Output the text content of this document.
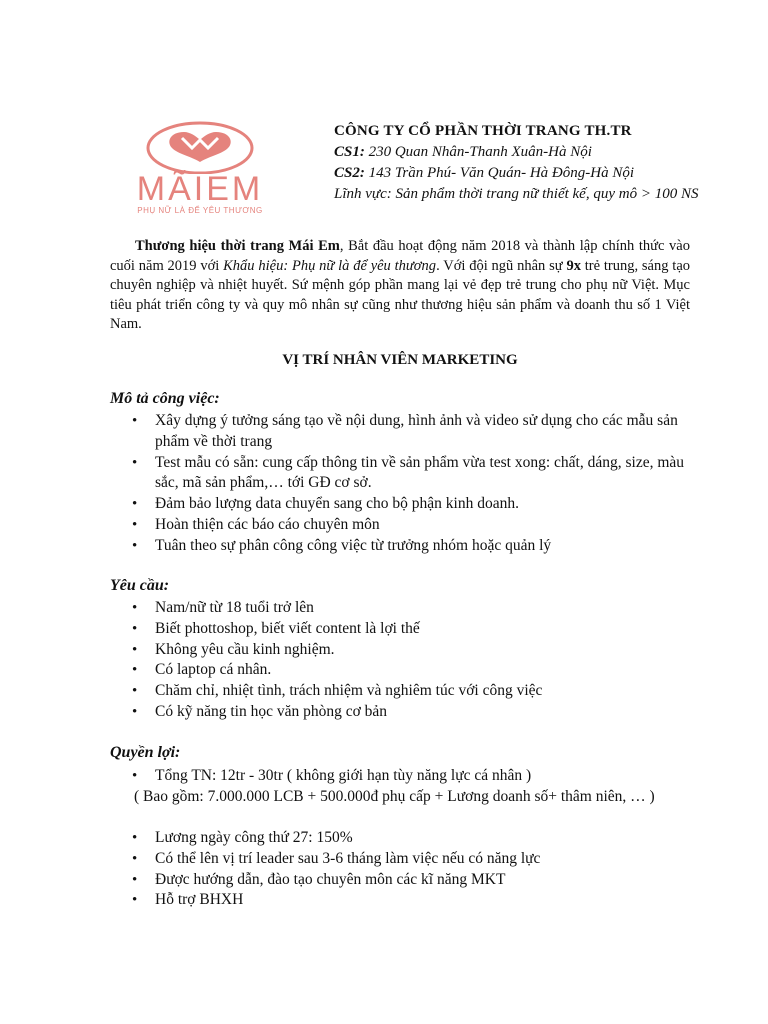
MÃIEM
PHỤ NỮ LÀ ĐỂ YÊU THƯƠNG
CÔNG TY CỔ PHẦN THỜI TRANG TH.TR
CS1: 230 Quan Nhân-Thanh Xuân-Hà Nội
CS2: 143 Trần Phú- Văn Quán- Hà Đông-Hà Nội
Lĩnh vực: Sản phẩm thời trang nữ thiết kế, quy mô > 100 NS
Thương hiệu thời trang Mái Em, Bắt đầu hoạt động năm 2018 và thành lập chính thức vào cuối năm 2019 với Khẩu hiệu: Phụ nữ là để yêu thương. Với đội ngũ nhân sự 9x trẻ trung, sáng tạo chuyên nghiệp và nhiệt huyết. Sứ mệnh góp phần mang lại vẻ đẹp trẻ trung cho phụ nữ Việt. Mục tiêu phát triển công ty và quy mô nhân sự cũng như thương hiệu sản phẩm và doanh thu số 1 Việt Nam.
VỊ TRÍ NHÂN VIÊN MARKETING
Mô tả công việc:
• Xây dựng ý tưởng sáng tạo về nội dung, hình ảnh và video sử dụng cho các mẫu sản phẩm về thời trang
• Test mẫu có sẵn: cung cấp thông tin về sản phẩm vừa test xong: chất, dáng, size, màu sắc, mã sản phẩm,… tới GĐ cơ sở.
• Đảm bảo lượng data chuyển sang cho bộ phận kinh doanh.
• Hoàn thiện các báo cáo chuyên môn
• Tuân theo sự phân công công việc từ trưởng nhóm hoặc quản lý
Yêu cầu:
• Nam/nữ từ 18 tuổi trở lên
• Biết phottoshop, biết viết content là lợi thế
• Không yêu cầu kinh nghiệm.
• Có laptop cá nhân.
• Chăm chỉ, nhiệt tình, trách nhiệm và nghiêm túc với công việc
• Có kỹ năng tin học văn phòng cơ bản
Quyền lợi:
• Tổng TN: 12tr - 30tr ( không giới hạn tùy năng lực cá nhân )
( Bao gồm: 7.000.000 LCB + 500.000đ phụ cấp + Lương doanh số+ thâm niên, … )
• Lương ngày công thứ 27: 150%
• Có thể lên vị trí leader sau 3-6 tháng làm việc nếu có năng lực
• Được hướng dẫn, đào tạo chuyên môn các kĩ năng MKT
• Hỗ trợ BHXH
